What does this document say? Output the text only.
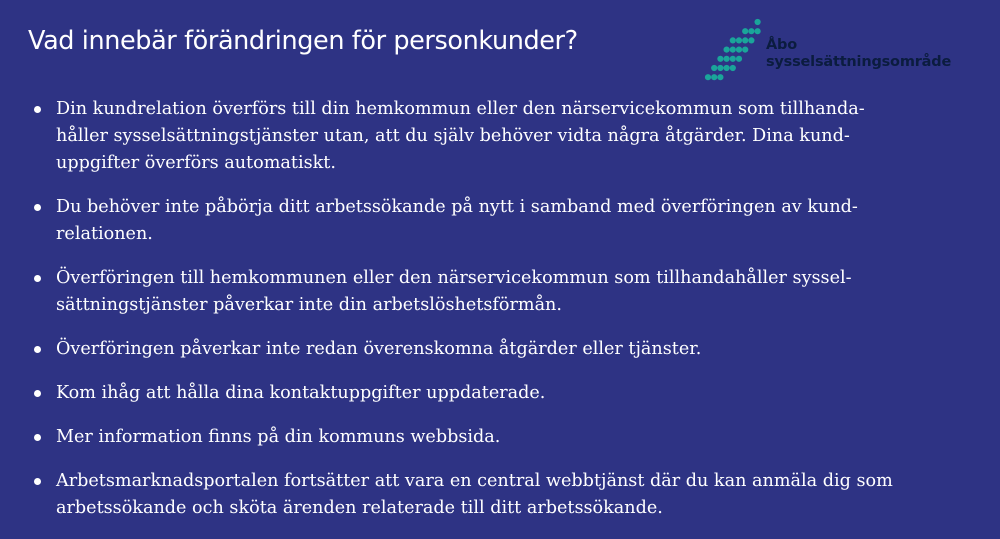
Vad innebär förändringen för personkunder?	Åbo
sysselsättningsområde
Din kundrelation överförs till din hemkommun eller den närservicekommun som tillhanda-
håller sysselsättningstjänster utan, att du själv behöver vidta några åtgärder. Dina kund-
uppgifter överförs automatiskt.
Du behöver inte påbörja ditt arbetssökande på nytt i samband med överföringen av kund-
relationen.
Överföringen till hemkommunen eller den närservicekommun som tillhandahåller syssel-
sättningstjänster påverkar inte din arbetslöshetsförmån.
Överföringen påverkar inte redan överenskomna åtgärder eller tjänster.
Kom ihåg att hålla dina kontaktuppgifter uppdaterade.
Mer information finns på din kommuns webbsida.
Arbetsmarknadsportalen fortsätter att vara en central webbtjänst där du kan anmäla dig som
arbetssökande och sköta ärenden relaterade till ditt arbetssökande.
